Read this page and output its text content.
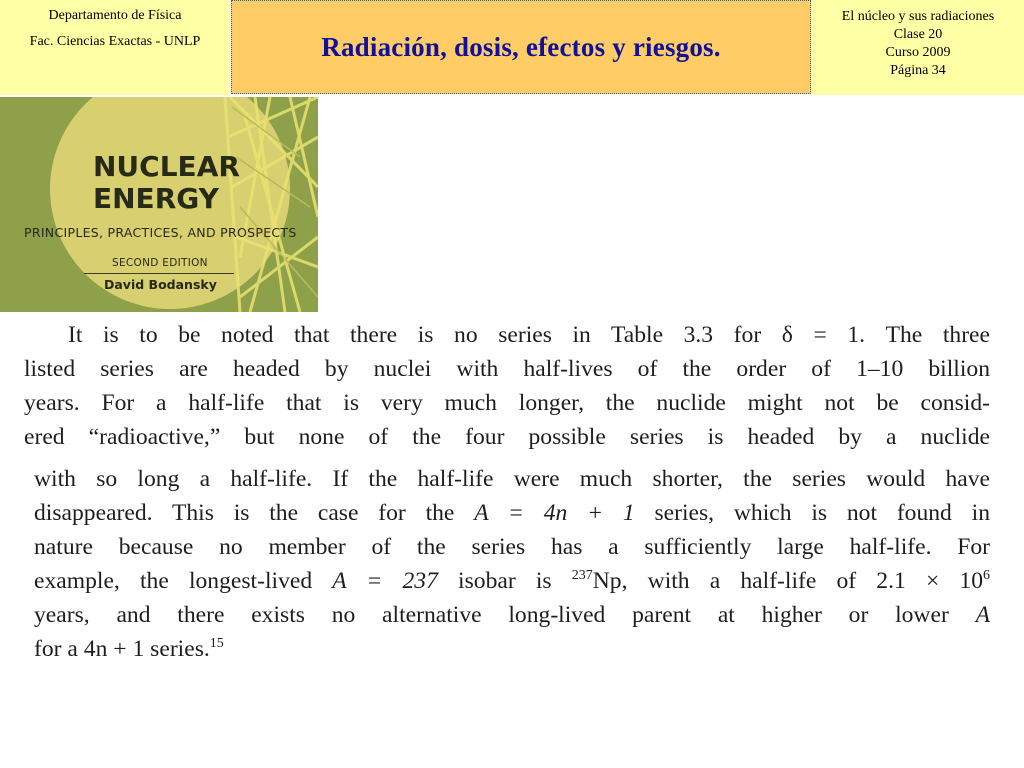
Departamento de Física
Fac. Ciencias Exactas - UNLP	Radiación, dosis, efectos y riesgos.
El núcleo y sus radiaciones
Clase 20
Curso 2009
Página 34
NUCLEAR
ENERGY
PRINCIPLES, PRACTICES, AND PROSPECTS
SECOND EDITION
David Bodansky

It is to be noted that there is no series in Table 3.3 for δ = 1. The three

listed series are headed by nuclei with half-lives of the order of 1–10 billion

years. For a half-life that is very much longer, the nuclide might not be consid-

ered “radioactive,” but none of the four possible series is headed by a nuclide

with so long a half-life. If the half-life were much shorter, the series would have

disappeared. This is the case for the A = 4n + 1 series, which is not found in

nature because no member of the series has a sufficiently large half-life. For

example, the longest-lived A = 237 isobar is $^{237}$Np, with a half-life of $2.1 \times 10^6$

years, and there exists no alternative long-lived parent at higher or lower A

for a 4n + 1 series.$^{15}$
